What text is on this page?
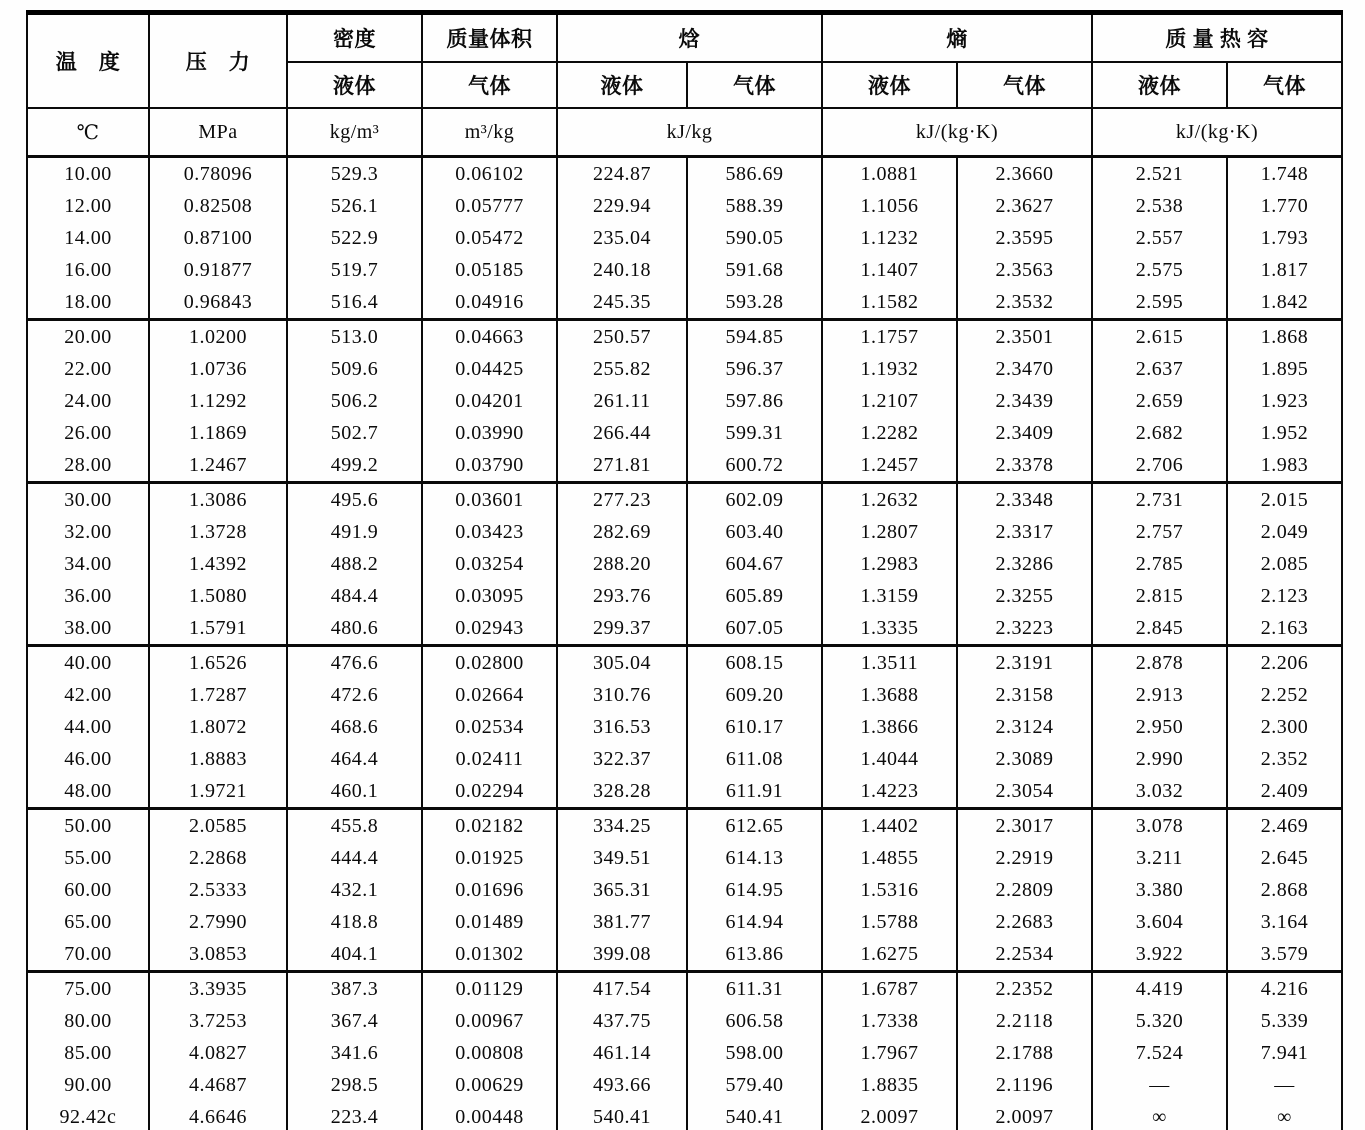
温　度	压　力	密度	质量体积	焓		熵		质 量 热 容	
		液体	气体	液体	气体	液体	气体	液体	气体
℃	MPa	kg/m³	m³/kg	kJ/kg		kJ/(kg·K)		kJ/(kg·K)	
10.00	0.78096	529.3	0.06102	224.87	586.69	1.0881	2.3660	2.521	1.748
12.00	0.82508	526.1	0.05777	229.94	588.39	1.1056	2.3627	2.538	1.770
14.00	0.87100	522.9	0.05472	235.04	590.05	1.1232	2.3595	2.557	1.793
16.00	0.91877	519.7	0.05185	240.18	591.68	1.1407	2.3563	2.575	1.817
18.00	0.96843	516.4	0.04916	245.35	593.28	1.1582	2.3532	2.595	1.842
20.00	1.0200	513.0	0.04663	250.57	594.85	1.1757	2.3501	2.615	1.868
22.00	1.0736	509.6	0.04425	255.82	596.37	1.1932	2.3470	2.637	1.895
24.00	1.1292	506.2	0.04201	261.11	597.86	1.2107	2.3439	2.659	1.923
26.00	1.1869	502.7	0.03990	266.44	599.31	1.2282	2.3409	2.682	1.952
28.00	1.2467	499.2	0.03790	271.81	600.72	1.2457	2.3378	2.706	1.983
30.00	1.3086	495.6	0.03601	277.23	602.09	1.2632	2.3348	2.731	2.015
32.00	1.3728	491.9	0.03423	282.69	603.40	1.2807	2.3317	2.757	2.049
34.00	1.4392	488.2	0.03254	288.20	604.67	1.2983	2.3286	2.785	2.085
36.00	1.5080	484.4	0.03095	293.76	605.89	1.3159	2.3255	2.815	2.123
38.00	1.5791	480.6	0.02943	299.37	607.05	1.3335	2.3223	2.845	2.163
40.00	1.6526	476.6	0.02800	305.04	608.15	1.3511	2.3191	2.878	2.206
42.00	1.7287	472.6	0.02664	310.76	609.20	1.3688	2.3158	2.913	2.252
44.00	1.8072	468.6	0.02534	316.53	610.17	1.3866	2.3124	2.950	2.300
46.00	1.8883	464.4	0.02411	322.37	611.08	1.4044	2.3089	2.990	2.352
48.00	1.9721	460.1	0.02294	328.28	611.91	1.4223	2.3054	3.032	2.409
50.00	2.0585	455.8	0.02182	334.25	612.65	1.4402	2.3017	3.078	2.469
55.00	2.2868	444.4	0.01925	349.51	614.13	1.4855	2.2919	3.211	2.645
60.00	2.5333	432.1	0.01696	365.31	614.95	1.5316	2.2809	3.380	2.868
65.00	2.7990	418.8	0.01489	381.77	614.94	1.5788	2.2683	3.604	3.164
70.00	3.0853	404.1	0.01302	399.08	613.86	1.6275	2.2534	3.922	3.579
75.00	3.3935	387.3	0.01129	417.54	611.31	1.6787	2.2352	4.419	4.216
80.00	3.7253	367.4	0.00967	437.75	606.58	1.7338	2.2118	5.320	5.339
85.00	4.0827	341.6	0.00808	461.14	598.00	1.7967	2.1788	7.524	7.941
90.00	4.4687	298.5	0.00629	493.66	579.40	1.8835	2.1196	—	—
92.42c	4.6646	223.4	0.00448	540.41	540.41	2.0097	2.0097	∞	∞
